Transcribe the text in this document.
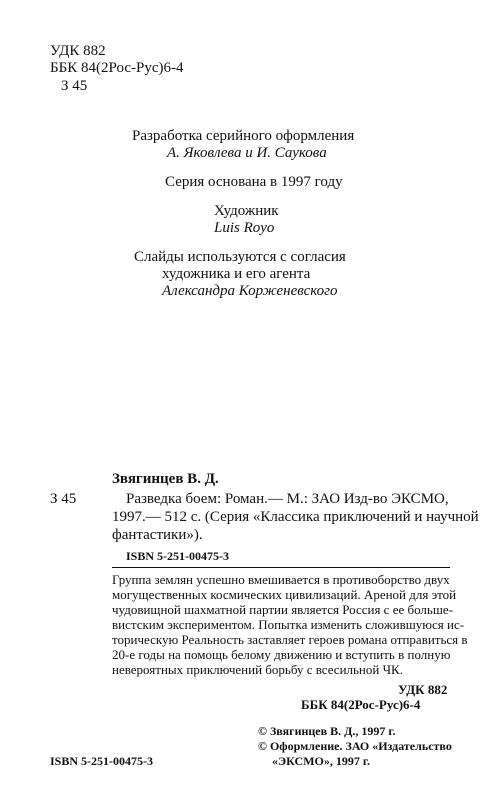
УДК 882
ББК 84(2Рос-Рус)6-4
З 45
Разработка серийного оформления
А. Яковлева и И. Саукова
Серия основана в 1997 году
Художник
Luis Royo
Слайды используются с согласия
художника и его агента
Александра Корженевского
Звягинцев В. Д.
З 45	Разведка боем: Роман.— М.: ЗАО Изд-во ЭКСМО,
1997.— 512 с. (Серия «Классика приключений и научной
фантастики»).
ISBN 5-251-00475-3
Группа землян успешно вмешивается в противоборство двух
могущественных космических цивилизаций. Ареной для этой
чудовищной шахматной партии является Россия с ее больше-
вистским экспериментом. Попытка изменить сложившуюся ис-
торическую Реальность заставляет героев романа отправиться в
20-е годы на помощь белому движению и вступить в полную
невероятных приключений борьбу с всесильной ЧК.
УДК 882
ББК 84(2Рос-Рус)6-4
© Звягинцев В. Д., 1997 г.
© Оформление. ЗАО «Издательство
ISBN 5-251-00475-3	«ЭКСМО», 1997 г.
